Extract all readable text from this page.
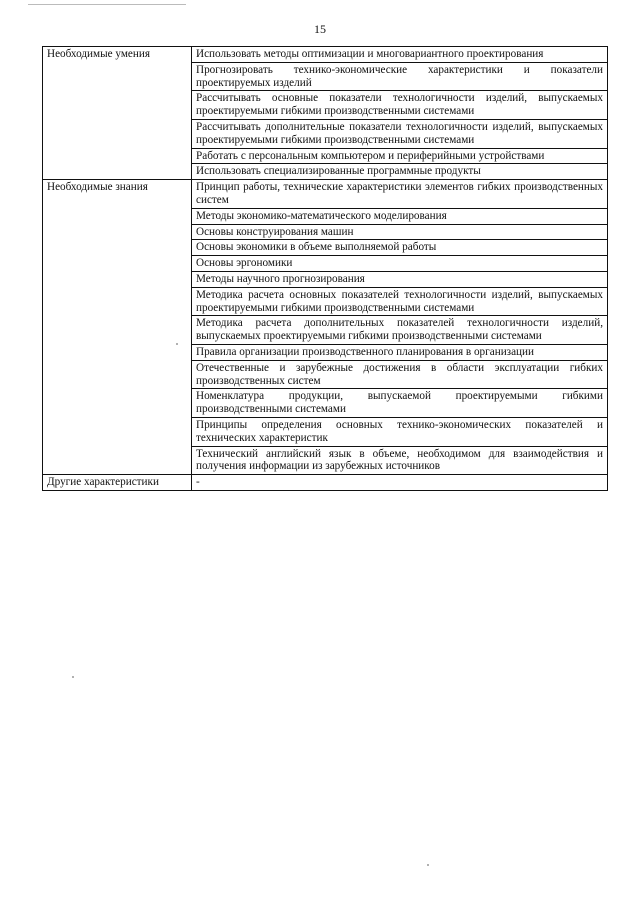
15
Необходимые умения	Использовать методы оптимизации и многовариантного проектирования
	Прогнозировать технико-экономические характеристики и показатели проектируемых изделий
	Рассчитывать основные показатели технологичности изделий, выпускаемых проектируемыми гибкими производственными системами
	Рассчитывать дополнительные показатели технологичности изделий, выпускаемых проектируемыми гибкими производственными системами
	Работать с персональным компьютером и периферийными устройствами
	Использовать специализированные программные продукты
Необходимые знания	Принцип работы, технические характеристики элементов гибких производственных систем
	Методы экономико-математического моделирования
	Основы конструирования машин
	Основы экономики в объеме выполняемой работы
	Основы эргономики
	Методы научного прогнозирования
	Методика расчета основных показателей технологичности изделий, выпускаемых проектируемыми гибкими производственными системами
	Методика расчета дополнительных показателей технологичности изделий, выпускаемых проектируемыми гибкими производственными системами
	Правила организации производственного планирования в организации
	Отечественные и зарубежные достижения в области эксплуатации гибких производственных систем
	Номенклатура продукции, выпускаемой проектируемыми гибкими производственными системами
	Принципы определения основных технико-экономических показателей и технических характеристик
	Технический английский язык в объеме, необходимом для взаимодействия и получения информации из зарубежных источников
Другие характеристики	-
